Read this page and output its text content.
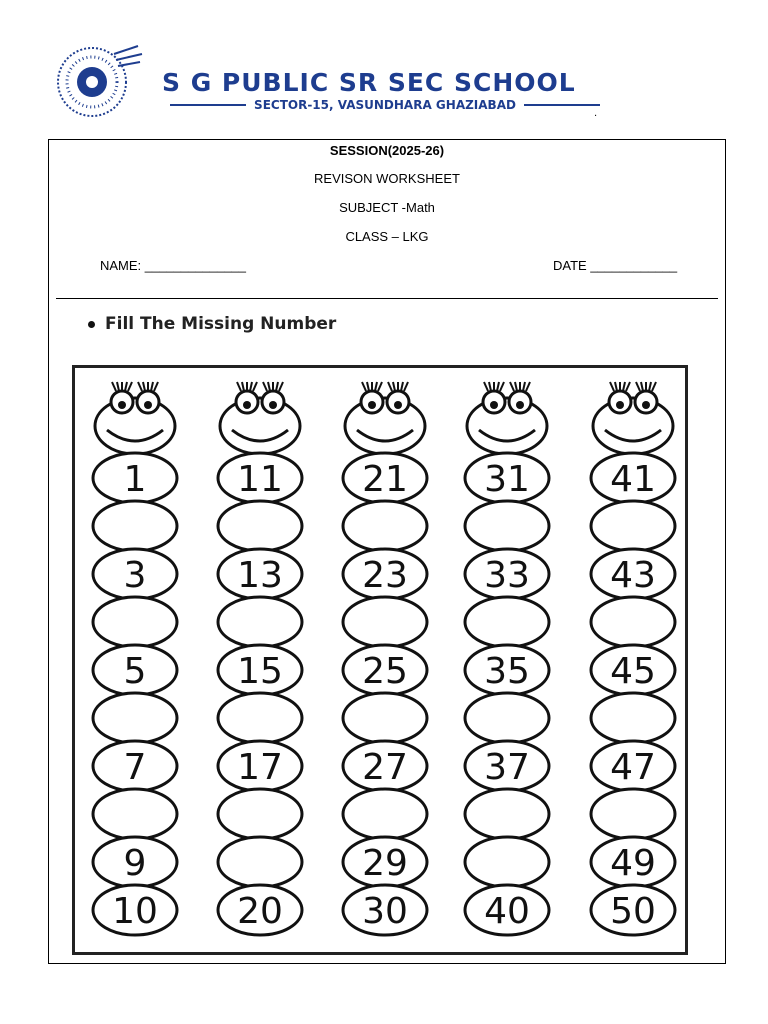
S G PUBLIC SR SEC SCHOOL
SECTOR-15, VASUNDHARA GHAZIABAD
.
SESSION(2025-26)
REVISON WORKSHEET
SUBJECT -Math
CLASS – LKG
NAME: ______________	DATE ____________
Fill The Missing Number
1
3
5
7
9
10
11
13
15
17
20
21
23
25
27
29
30
31
33
35
37
40
41
43
45
47
49
50
